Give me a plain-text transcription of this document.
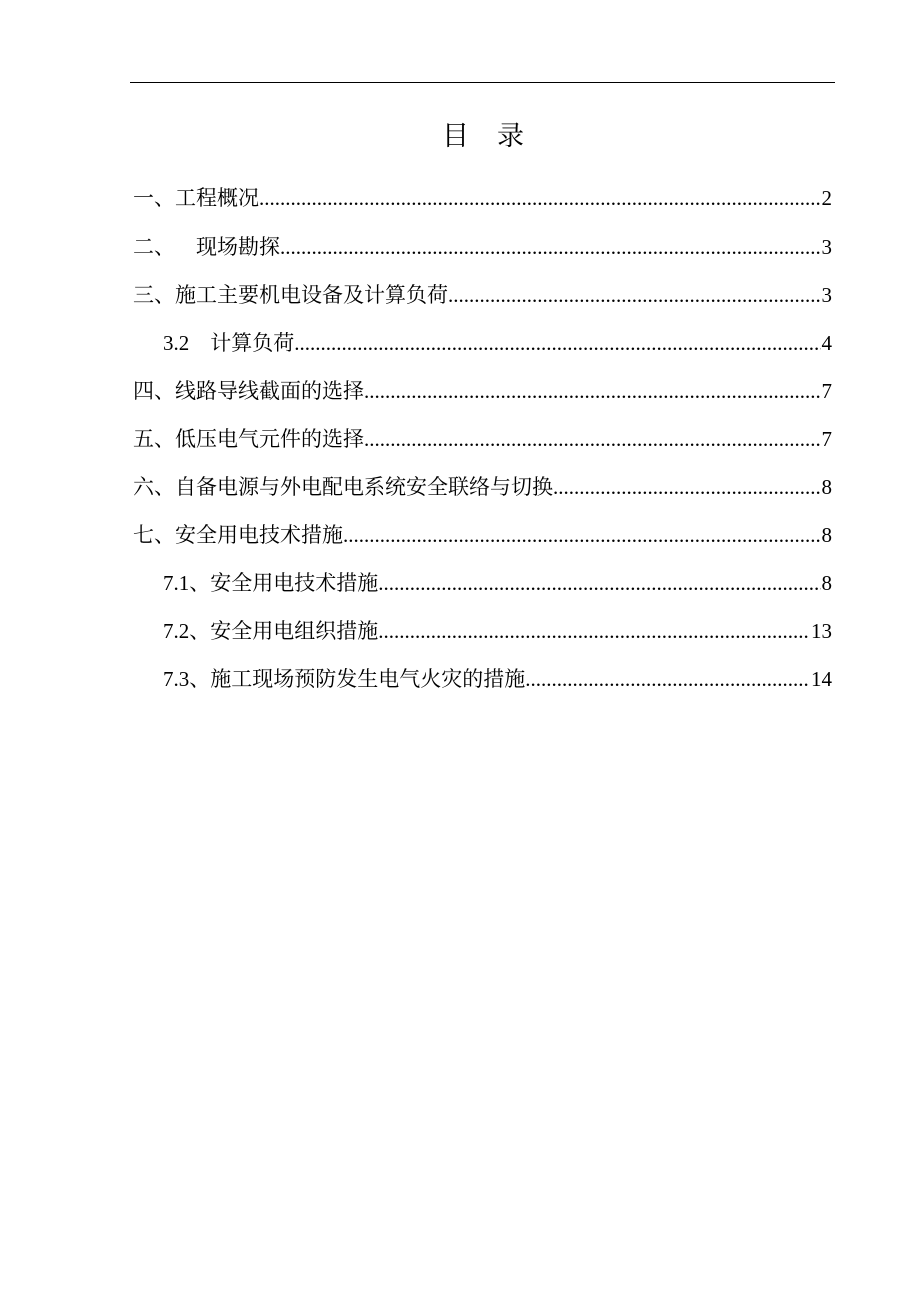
目 录
一、 工程概况 .....	2
二、 　现场勘探 .....	3
三、 施工主要机电设备及计算负荷 .....	3
3.2　 计算负荷 .....	4
四、 线路导线截面的选择 .....	7
五、 低压电气元件的选择 .....	7
六、 自备电源与外电配电系统安全联络与切换 .....	8
七、 安全用电技术措施 .....	8
7.1、 安全用电技术措施 .....	8
7.2、 安全用电组织措施 .....	13
7.3、 施工现场预防发生电气火灾的措施 .....	14
